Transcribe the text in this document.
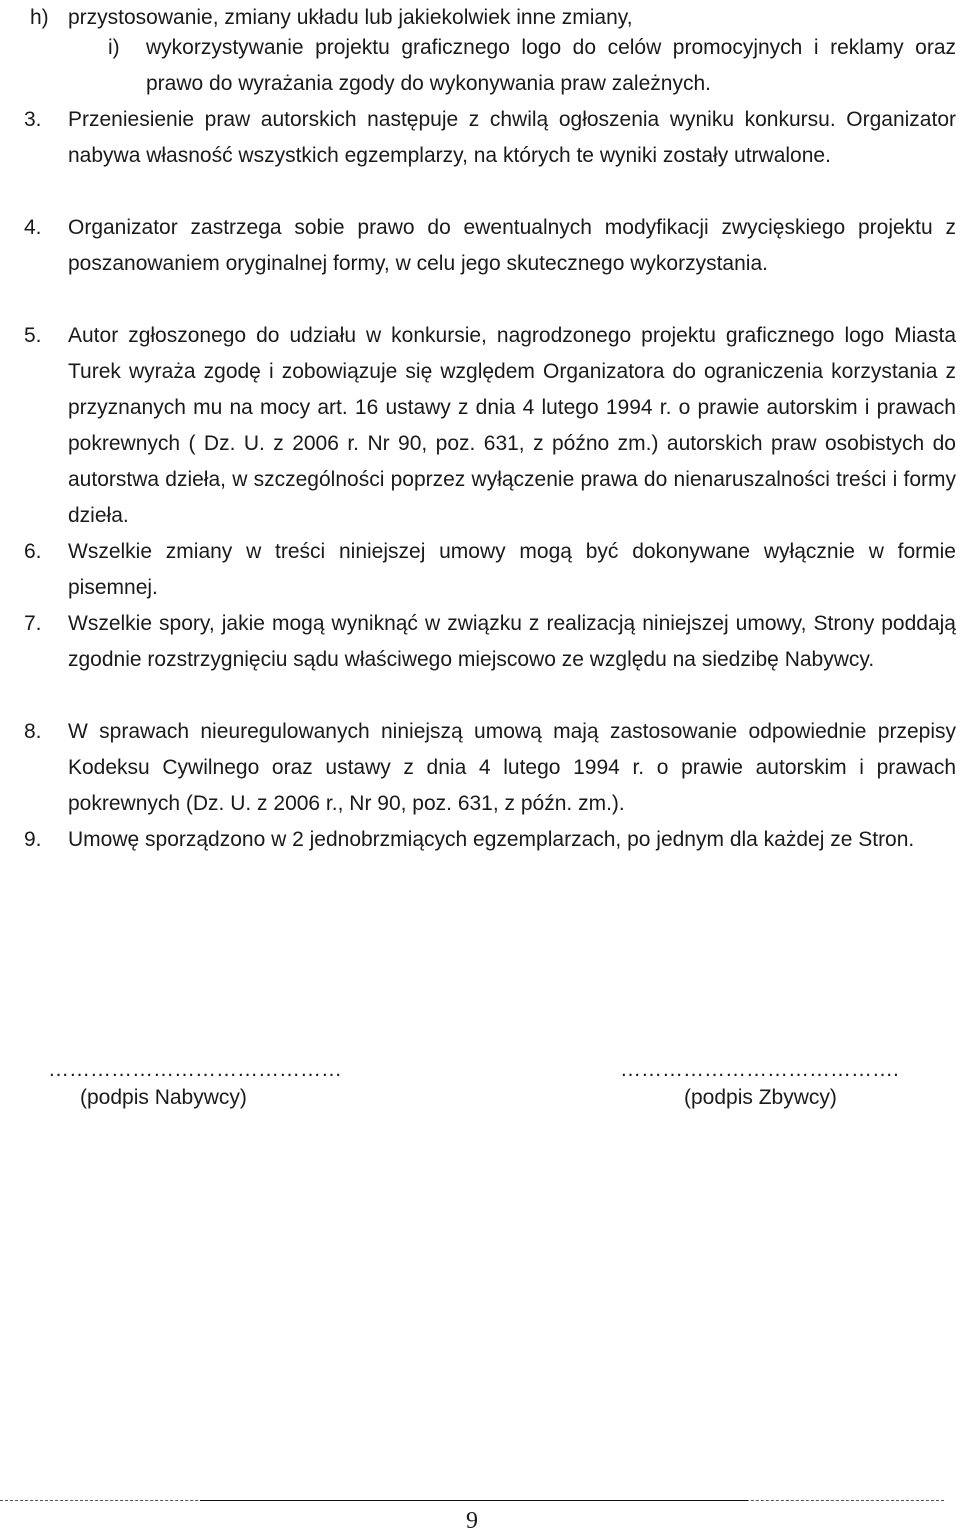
h) przystosowanie, zmiany układu lub jakiekolwiek inne zmiany,
i)	wykorzystywanie projektu graficznego logo do celów promocyjnych i reklamy oraz prawo do wyrażania zgody do wykonywania praw zależnych.
3.	Przeniesienie praw autorskich następuje z chwilą ogłoszenia wyniku konkursu. Organizator nabywa własność wszystkich egzemplarzy, na których te wyniki zostały utrwalone.
4.	Organizator zastrzega sobie prawo do ewentualnych modyfikacji zwycięskiego projektu z poszanowaniem oryginalnej formy, w celu jego skutecznego wykorzystania.
5.	Autor zgłoszonego do udziału w konkursie, nagrodzonego projektu graficznego logo Miasta Turek wyraża zgodę i zobowiązuje się względem Organizatora do ograniczenia korzystania z przyznanych mu na mocy art. 16 ustawy z dnia 4 lutego 1994 r. o prawie autorskim i prawach pokrewnych ( Dz. U. z 2006 r. Nr 90, poz. 631, z późno zm.) autorskich praw osobistych do autorstwa dzieła, w szczególności poprzez wyłączenie prawa do nienaruszalności treści i formy dzieła.
6.	Wszelkie zmiany w treści niniejszej umowy mogą być dokonywane wyłącznie w formie pisemnej.
7.	Wszelkie spory, jakie mogą wyniknąć w związku z realizacją niniejszej umowy, Strony poddają zgodnie rozstrzygnięciu sądu właściwego miejscowo ze względu na siedzibę Nabywcy.
8.	W sprawach nieuregulowanych niniejszą umową mają zastosowanie odpowiednie przepisy Kodeksu Cywilnego oraz ustawy z dnia 4 lutego 1994 r. o prawie autorskim i prawach pokrewnych (Dz. U. z 2006 r., Nr 90, poz. 631, z późn. zm.).
9.	Umowę sporządzono w 2 jednobrzmiących egzemplarzach, po jednym dla każdej ze Stron.
……………………………………
(podpis Nabywcy)
………………………………….
(podpis Zbywcy)
9
